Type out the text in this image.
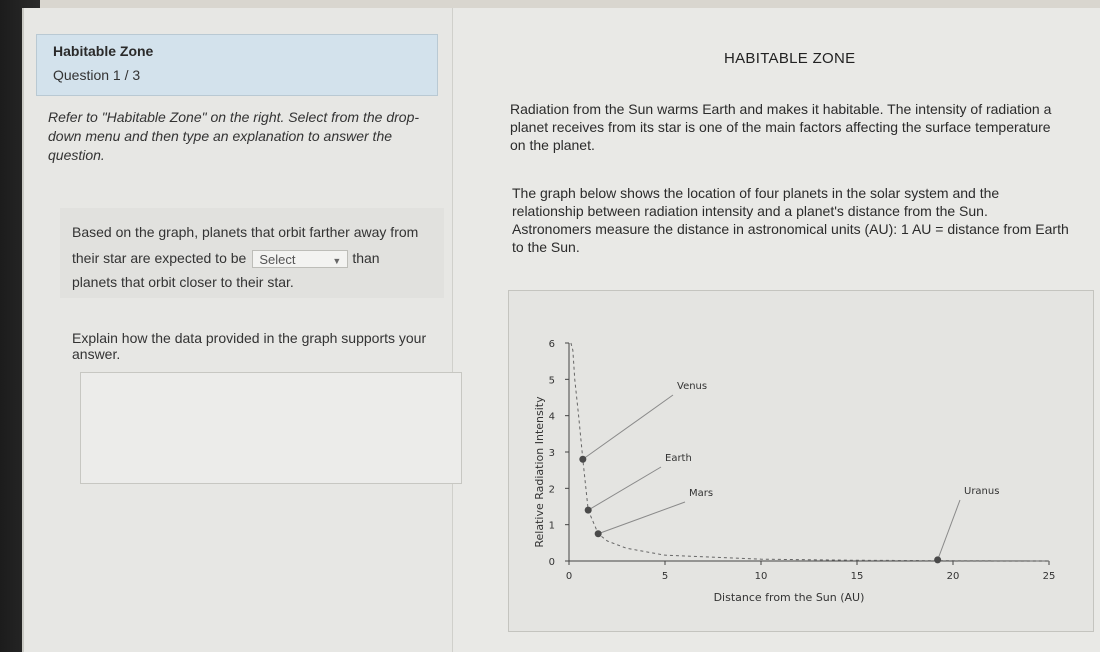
Habitable Zone
Question 1 / 3
Refer to "Habitable Zone" on the right. Select from the drop-down menu and then type an explanation to answer the question.
Based on the graph, planets that orbit farther away from
their star are expected to be Select	▼ than
planets that orbit closer to their star.
Explain how the data provided in the graph supports your answer.
HABITABLE ZONE
Radiation from the Sun warms Earth and makes it habitable. The intensity of radiation a planet receives from its star is one of the main factors affecting the surface temperature on the planet.
The graph below shows the location of four planets in the solar system and the relationship between radiation intensity and a planet's distance from the Sun.
Astronomers measure the distance in astronomical units (AU): 1 AU = distance from Earth to the Sun.
0
1
2
3
4
5
6
0	5	10	15	20	25
Distance from the Sun (AU)
Relative Radiation Intensity
Venus
Earth
Mars	Uranus
